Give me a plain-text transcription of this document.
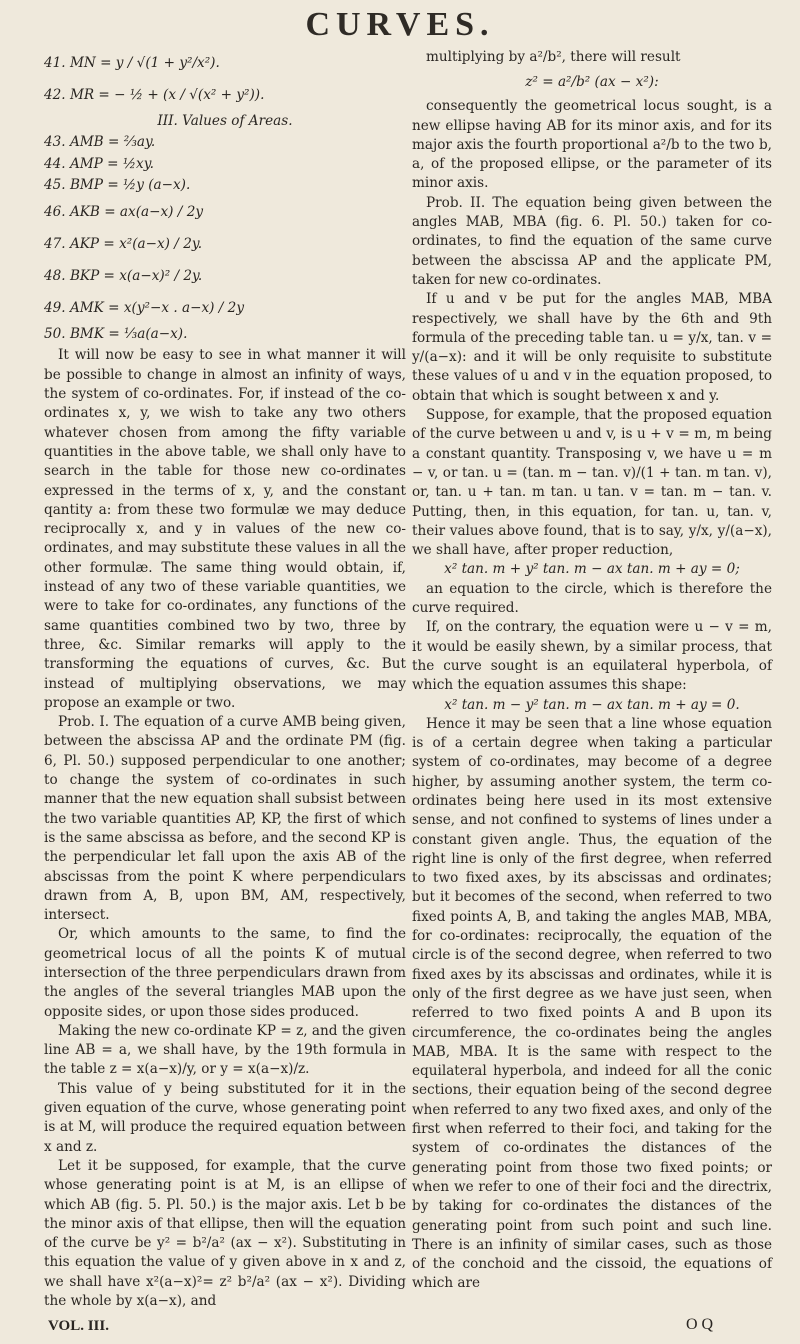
CURVES.
41. MN = y / √(1 + y²/x²).
42. MR = − ½ + (x / √(x² + y²)).
III. Values of Areas.
43. AMB = ⅔ay.
44. AMP = ½xy.
45. BMP = ½y (a−x).
46. AKB = ax(a−x) / 2y
47. AKP = x²(a−x) / 2y.
48. BKP = x(a−x)² / 2y.
49. AMK = x(y²−x . a−x) / 2y
50. BMK = ⅓a(a−x).

It will now be easy to see in what manner it will be possible to change in almost an infinity of ways, the system of co-ordinates. For, if instead of the co-ordinates x, y, we wish to take any two others whatever chosen from among the fifty variable quantities in the above table, we shall only have to search in the table for those new co-ordinates expressed in the terms of x, y, and the constant qantity a: from these two formulæ we may deduce reciprocally x, and y in values of the new co-ordinates, and may substitute these values in all the other formulæ. The same thing would obtain, if, instead of any two of these variable quantities, we were to take for co-ordinates, any functions of the same quantities combined two by two, three by three, &c. Similar remarks will apply to the transforming the equations of curves, &c. But instead of multiplying observations, we may propose an example or two.

Prob. I. The equation of a curve AMB being given, between the abscissa AP and the ordinate PM (fig. 6, Pl. 50.) supposed perpendicular to one another; to change the system of co-ordinates in such manner that the new equation shall subsist between the two variable quantities AP, KP, the first of which is the same abscissa as before, and the second KP is the perpendicular let fall upon the axis AB of the abscissas from the point K where perpendiculars drawn from A, B, upon BM, AM, respectively, intersect.

Or, which amounts to the same, to find the geometrical locus of all the points K of mutual intersection of the three perpendiculars drawn from the angles of the several triangles MAB upon the opposite sides, or upon those sides produced.

Making the new co-ordinate KP = z, and the given line AB = a, we shall have, by the 19th formula in the table z = x(a−x)/y, or y = x(a−x)/z.

This value of y being substituted for it in the given equation of the curve, whose generating point is at M, will produce the required equation between x and z.

Let it be supposed, for example, that the curve whose generating point is at M, is an ellipse of which AB (fig. 5. Pl. 50.) is the major axis. Let b be the minor axis of that ellipse, then will the equation of the curve be y² = b²/a² (ax − x²). Substituting in this equation the value of y given above in x and z, we shall have x²(a−x)²= z² b²/a² (ax − x²). Dividing the whole by x(a−x), and

multiplying by a²/b², there will result

z² = a²/b² (ax − x²):

consequently the geometrical locus sought, is a new ellipse having AB for its minor axis, and for its major axis the fourth proportional a²/b to the two b, a, of the proposed ellipse, or the parameter of its minor axis.

Prob. II. The equation being given between the angles MAB, MBA (fig. 6. Pl. 50.) taken for co-ordinates, to find the equation of the same curve between the abscissa AP and the applicate PM, taken for new co-ordinates.

If u and v be put for the angles MAB, MBA respectively, we shall have by the 6th and 9th formula of the preceding table tan. u = y/x, tan. v = y/(a−x): and it will be only requisite to substitute these values of u and v in the equation proposed, to obtain that which is sought between x and y.

Suppose, for example, that the proposed equation of the curve between u and v, is u + v = m, m being a constant quantity. Transposing v, we have u = m − v, or tan. u = (tan. m − tan. v)/(1 + tan. m tan. v), or, tan. u + tan. m tan. u tan. v = tan. m − tan. v. Putting, then, in this equation, for tan. u, tan. v, their values above found, that is to say, y/x, y/(a−x), we shall have, after proper reduction,

x² tan. m + y² tan. m − ax tan. m + ay = 0;

an equation to the circle, which is therefore the curve required.

If, on the contrary, the equation were u − v = m, it would be easily shewn, by a similar process, that the curve sought is an equilateral hyperbola, of which the equation assumes this shape:

x² tan. m − y² tan. m − ax tan. m + ay = 0.

Hence it may be seen that a line whose equation is of a certain degree when taking a particular system of co-ordinates, may become of a degree higher, by assuming another system, the term co-ordinates being here used in its most extensive sense, and not confined to systems of lines under a constant given angle. Thus, the equation of the right line is only of the first degree, when referred to two fixed axes, by its abscissas and ordinates; but it becomes of the second, when referred to two fixed points A, B, and taking the angles MAB, MBA, for co-ordinates: reciprocally, the equation of the circle is of the second degree, when referred to two fixed axes by its abscissas and ordinates, while it is only of the first degree as we have just seen, when referred to two fixed points A and B upon its circumference, the co-ordinates being the angles MAB, MBA. It is the same with respect to the equilateral hyperbola, and indeed for all the conic sections, their equation being of the second degree when referred to any two fixed axes, and only of the first when referred to their foci, and taking for the system of co-ordinates the distances of the generating point from those two fixed points; or when we refer to one of their foci and the directrix, by taking for co-ordinates the distances of the generating point from such point and such line. There is an infinity of similar cases, such as those of the conchoid and the cissoid, the equations of which are

VOL. III.	O Q
